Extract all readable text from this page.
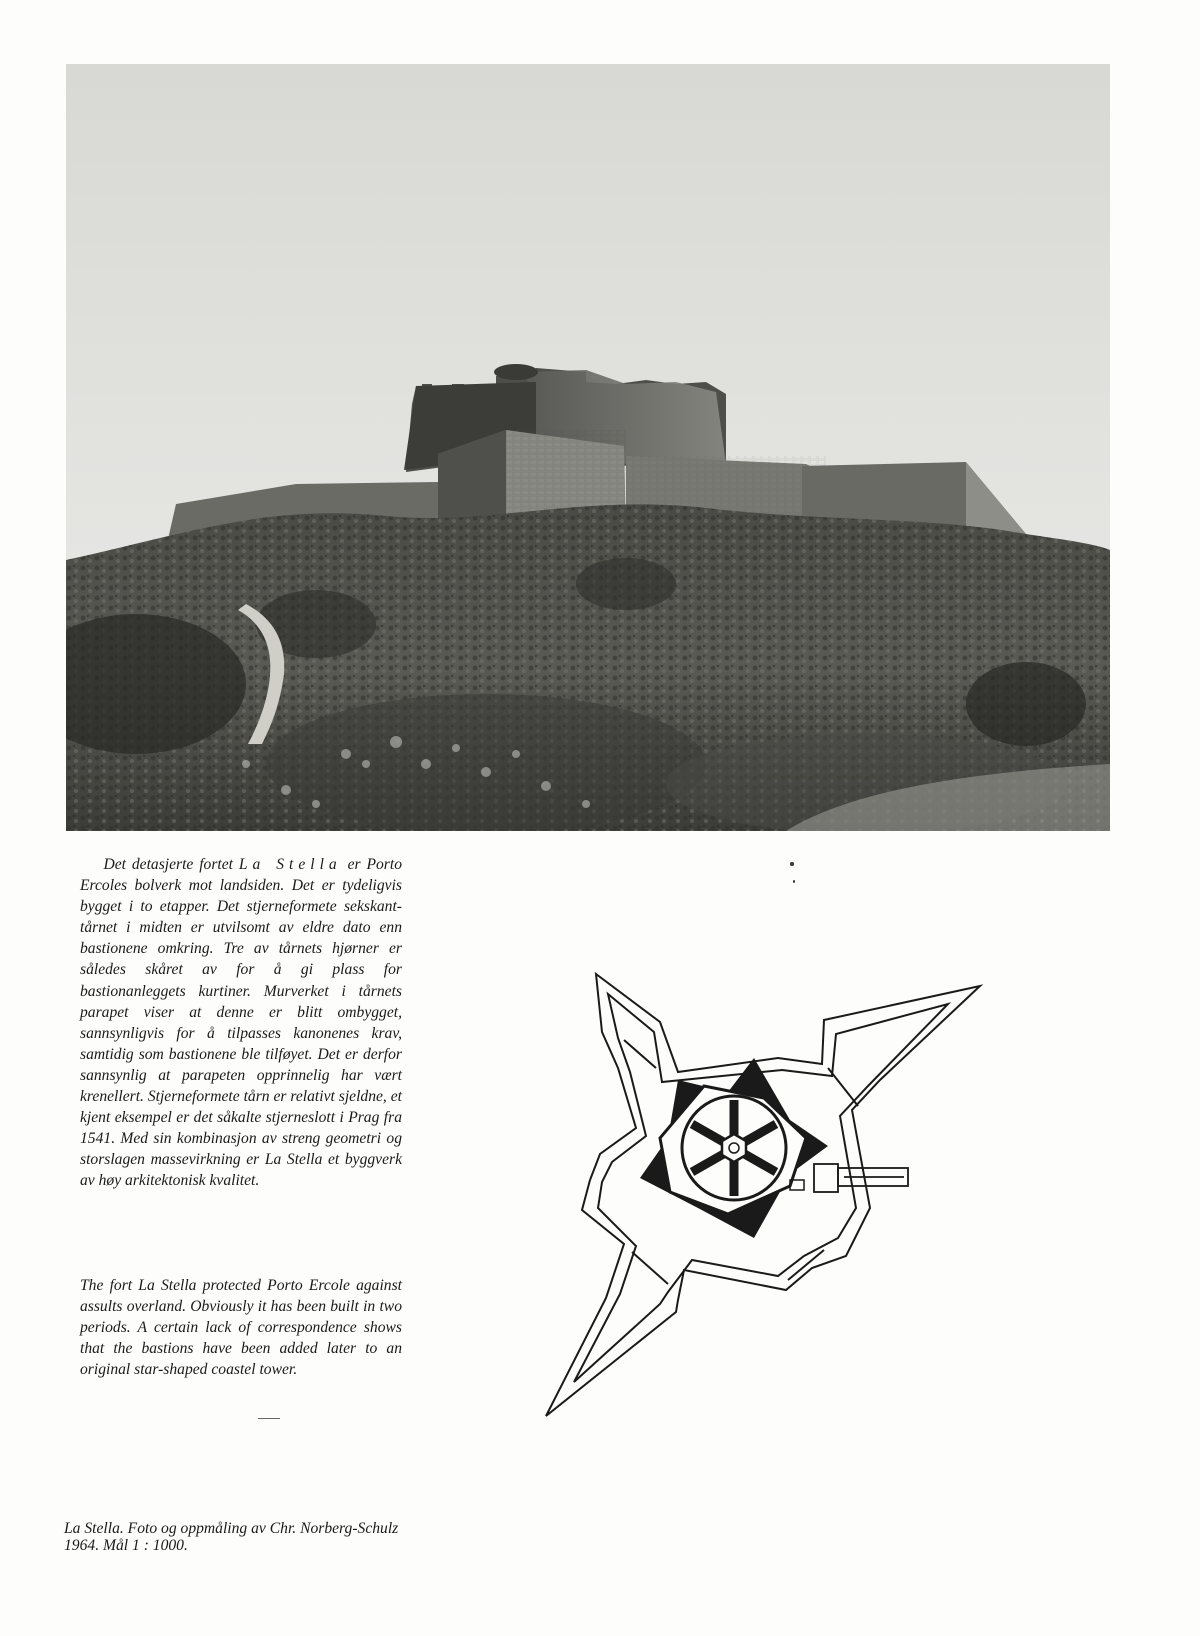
Det detasjerte fortet La Stella er Porto Ercoles bolverk mot landsiden. Det er tydeligvis bygget i to etapper. Det stjerneformete sekskant-tårnet i midten er utvilsomt av eldre dato enn bastionene omkring. Tre av tårnets hjørner er således skåret av for å gi plass for bastionanleggets kurtiner. Murverket i tårnets parapet viser at denne er blitt ombygget, sannsynligvis for å tilpasses kanonenes krav, samtidig som bastionene ble tilføyet. Det er derfor sannsynlig at parapeten opprinnelig har vært krenellert. Stjerneformete tårn er relativt sjeldne, et kjent eksempel er det såkalte stjerneslott i Prag fra 1541. Med sin kombinasjon av streng geometri og storslagen massevirkning er La Stella et byggverk av høy arkitektonisk kvalitet.

The fort La Stella protected Porto Ercole against assults overland. Obviously it has been built in two periods. A certain lack of correspondence shows that the bastions have been added later to an original star-shaped coastel tower.

La Stella. Foto og oppmåling av Chr. Norberg-Schulz 1964. Mål 1 : 1000.
